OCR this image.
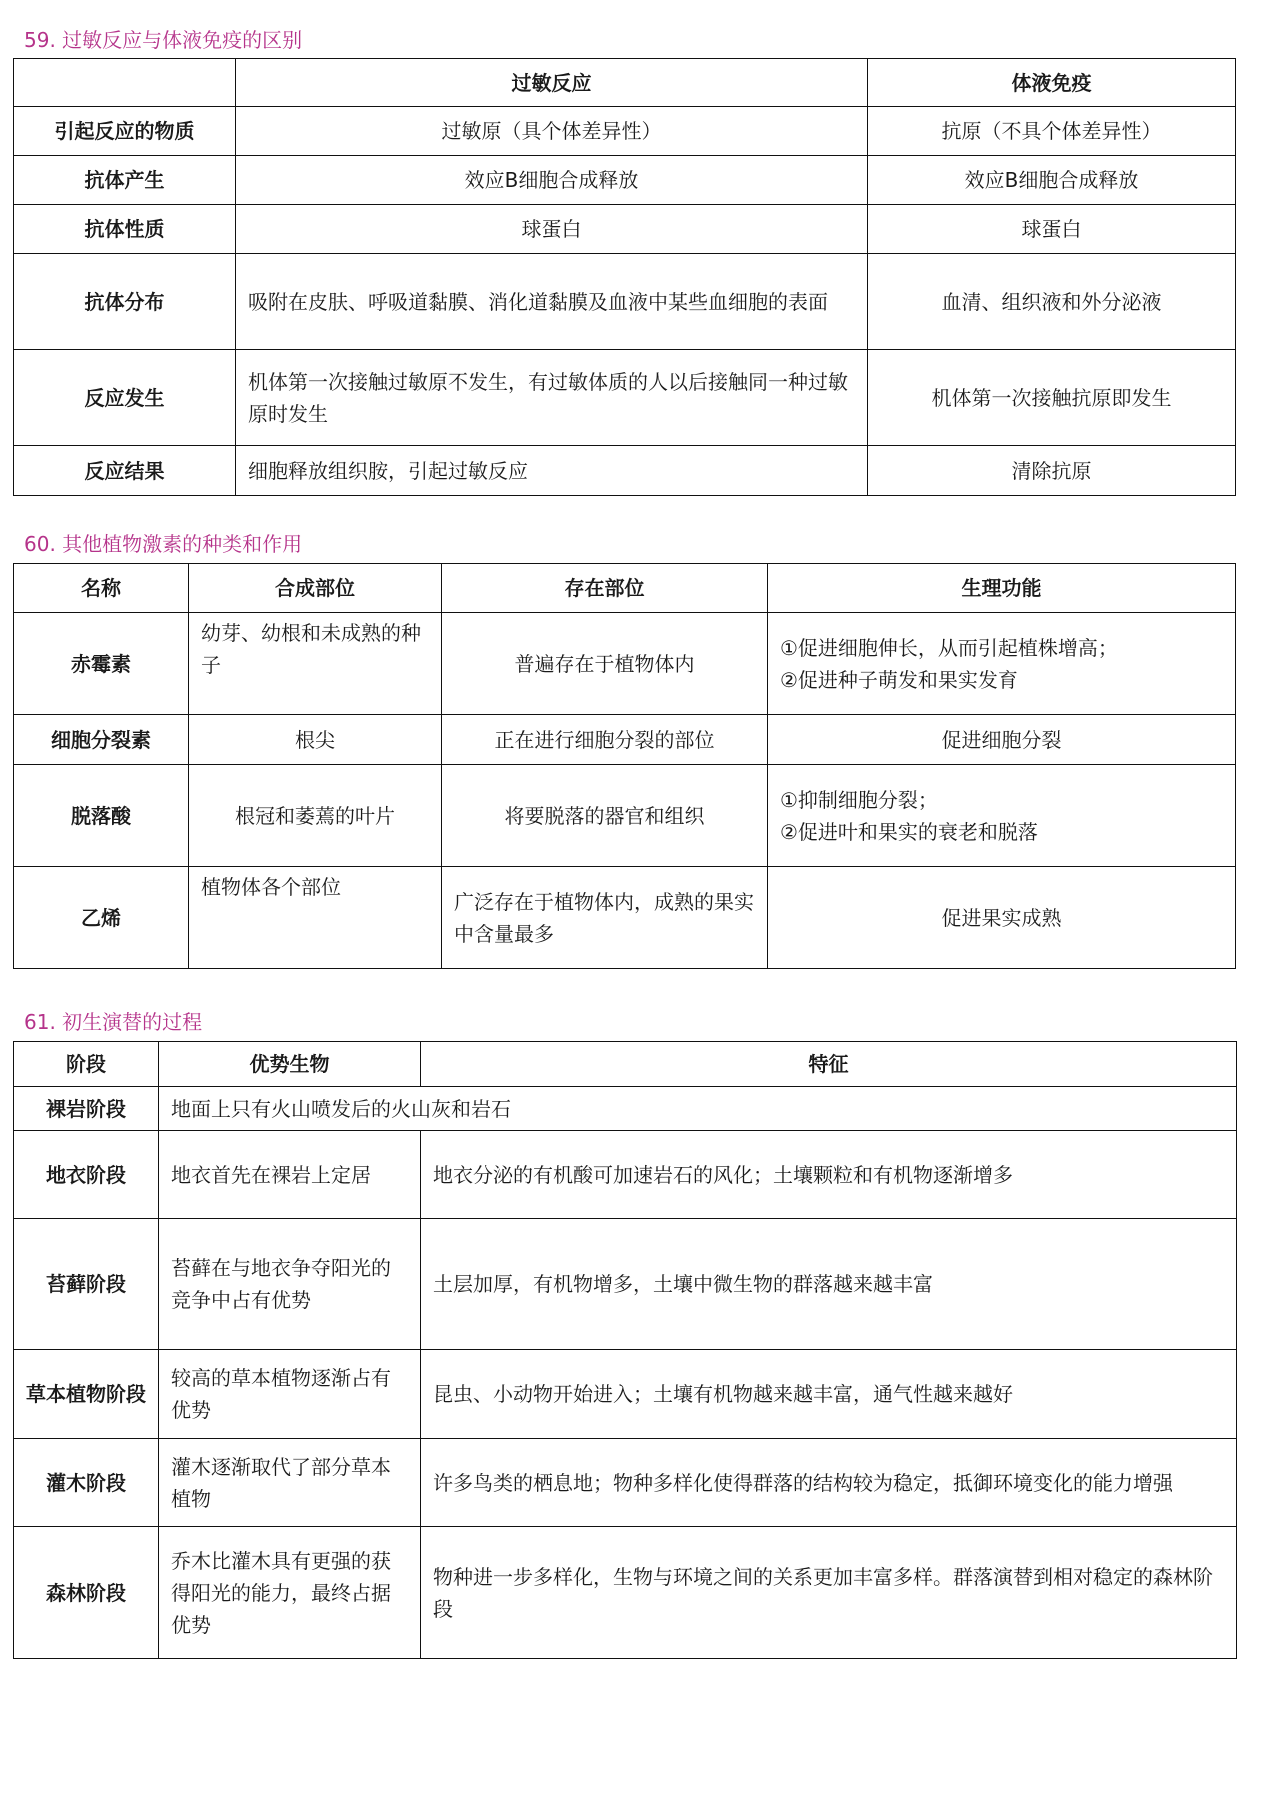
59. 过敏反应与体液免疫的区别
	过敏反应	体液免疫
引起反应的物质	过敏原（具个体差异性）	抗原（不具个体差异性）
抗体产生	效应B细胞合成释放	效应B细胞合成释放
抗体性质	球蛋白	球蛋白
抗体分布	吸附在皮肤、呼吸道黏膜、消化道黏膜及血液中某些血细胞的表面	血清、组织液和外分泌液
反应发生	机体第一次接触过敏原不发生，有过敏体质的人以后接触同一种过敏原时发生	机体第一次接触抗原即发生
反应结果	细胞释放组织胺，引起过敏反应	清除抗原
60. 其他植物激素的种类和作用
名称	合成部位	存在部位	生理功能
赤霉素	幼芽、幼根和未成熟的种子	普遍存在于植物体内	①促进细胞伸长，从而引起植株增高；
②促进种子萌发和果实发育
细胞分裂素	根尖	正在进行细胞分裂的部位	促进细胞分裂
脱落酸	根冠和萎蔫的叶片	将要脱落的器官和组织	①抑制细胞分裂；
②促进叶和果实的衰老和脱落
乙烯	植物体各个部位	广泛存在于植物体内，成熟的果实中含量最多	促进果实成熟
61. 初生演替的过程
阶段	优势生物	特征
裸岩阶段	地面上只有火山喷发后的火山灰和岩石	
地衣阶段	地衣首先在裸岩上定居	地衣分泌的有机酸可加速岩石的风化；土壤颗粒和有机物逐渐增多
苔藓阶段	苔藓在与地衣争夺阳光的竞争中占有优势	土层加厚，有机物增多，土壤中微生物的群落越来越丰富
草本植物阶段	较高的草本植物逐渐占有优势	昆虫、小动物开始进入；土壤有机物越来越丰富，通气性越来越好
灌木阶段	灌木逐渐取代了部分草本植物	许多鸟类的栖息地；物种多样化使得群落的结构较为稳定，抵御环境变化的能力增强
森林阶段	乔木比灌木具有更强的获得阳光的能力，最终占据优势	物种进一步多样化，生物与环境之间的关系更加丰富多样。群落演替到相对稳定的森林阶段
